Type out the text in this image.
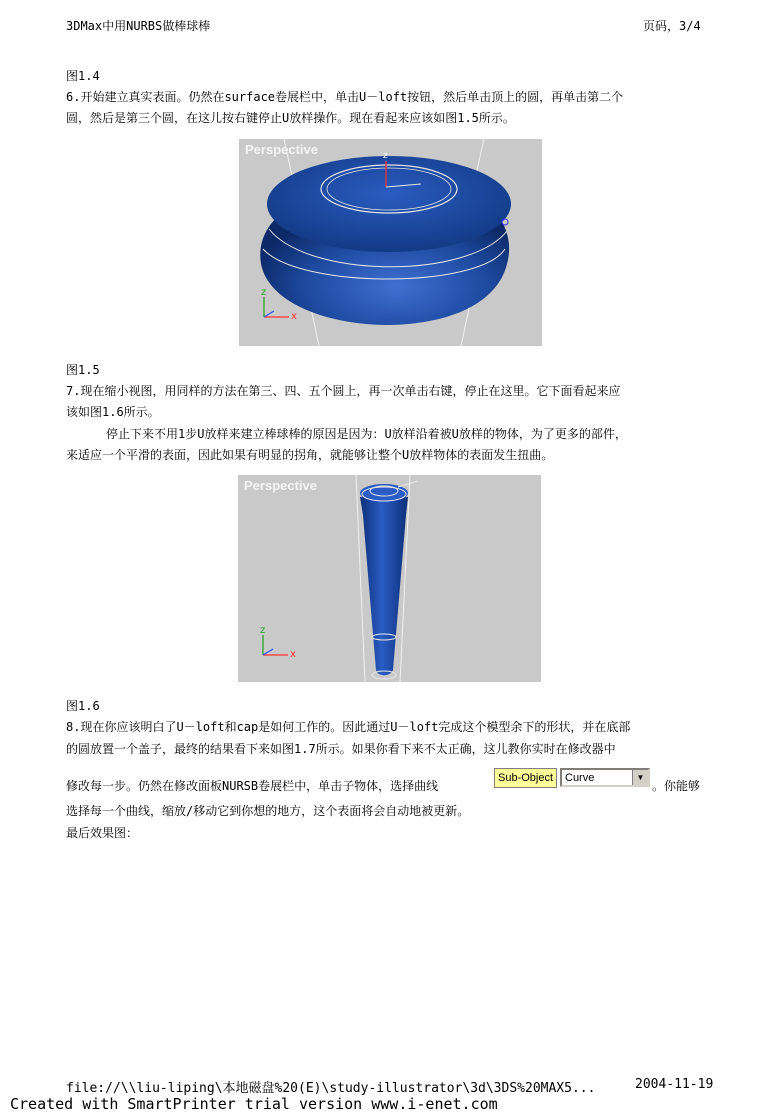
3DMax中用NURBS做棒球棒	页码，3/4
图1.4
6.开始建立真实表面。仍然在surface卷展栏中，单击U－loft按钮，然后单击顶上的圆，再单击第二个
圆，然后是第三个圆，在这儿按右键停止U放样操作。现在看起来应该如图1.5所示。
z
z
x
Perspective
图1.5
7.现在缩小视图，用同样的方法在第三、四、五个圆上，再一次单击右键，停止在这里。它下面看起来应
该如图1.6所示。
停止下来不用1步U放样来建立棒球棒的原因是因为：U放样沿着被U放样的物体，为了更多的部件，
来适应一个平滑的表面，因此如果有明显的拐角，就能够让整个U放样物体的表面发生扭曲。
z
x
Perspective
图1.6
8.现在你应该明白了U－loft和cap是如何工作的。因此通过U－loft完成这个模型余下的形状，并在底部
的圆放置一个盖子，最终的结果看下来如图1.7所示。如果你看下来不太正确，这儿教你实时在修改器中
修改每一步。仍然在修改面板NURSB卷展栏中，单击子物体，选择曲线
Sub-Object	Curve	▼
。你能够
选择每一个曲线，缩放/移动它到你想的地方，这个表面将会自动地被更新。
最后效果图：
file://\\liu-liping\本地磁盘%20(E)\study-illustrator\3d\3DS%20MAX5...	2004-11-19
Created with SmartPrinter trial version www.i-enet.com
